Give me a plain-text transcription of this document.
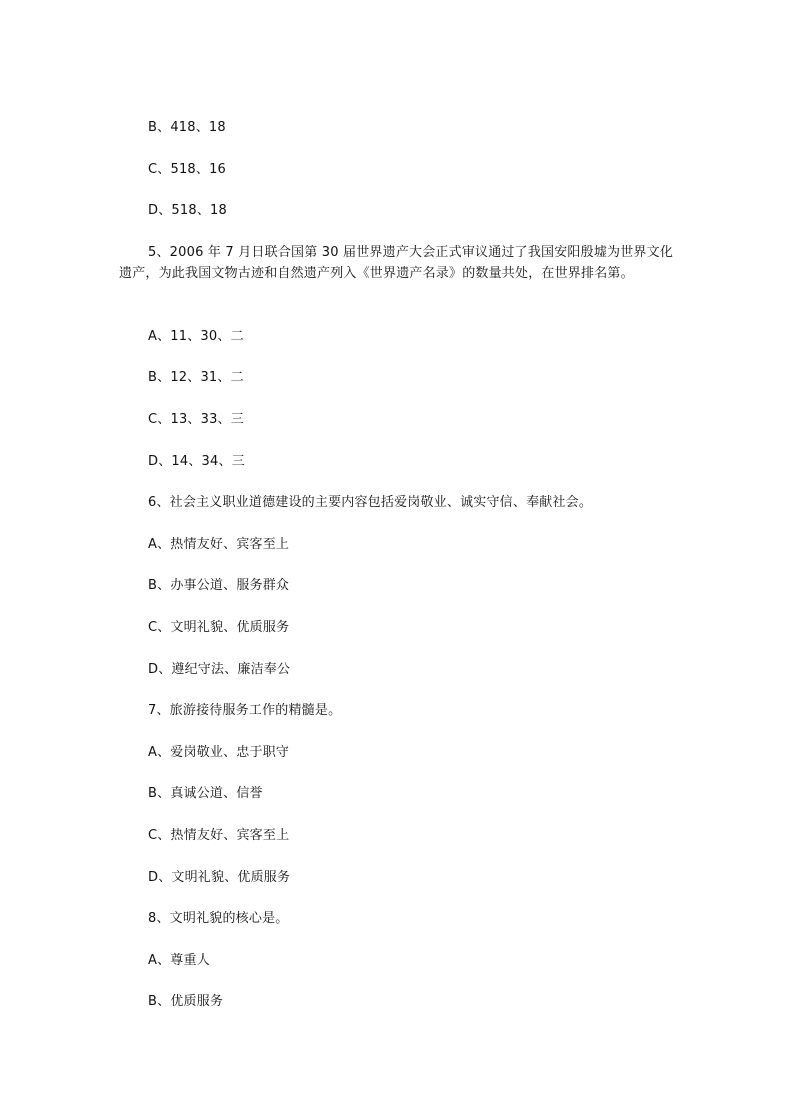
B、418、18
C、518、16
D、518、18
5、2006 年 7 月日联合国第 30 届世界遗产大会正式审议通过了我国安阳殷墟为世界文化遗产，为此我国文物古迹和自然遗产列入《世界遗产名录》的数量共处，在世界排名第。
A、11、30、二
B、12、31、二
C、13、33、三
D、14、34、三
6、社会主义职业道德建设的主要内容包括爱岗敬业、诚实守信、奉献社会。
A、热情友好、宾客至上
B、办事公道、服务群众
C、文明礼貌、优质服务
D、遵纪守法、廉洁奉公
7、旅游接待服务工作的精髓是。
A、爱岗敬业、忠于职守
B、真诚公道、信誉
C、热情友好、宾客至上
D、文明礼貌、优质服务
8、文明礼貌的核心是。
A、尊重人
B、优质服务
